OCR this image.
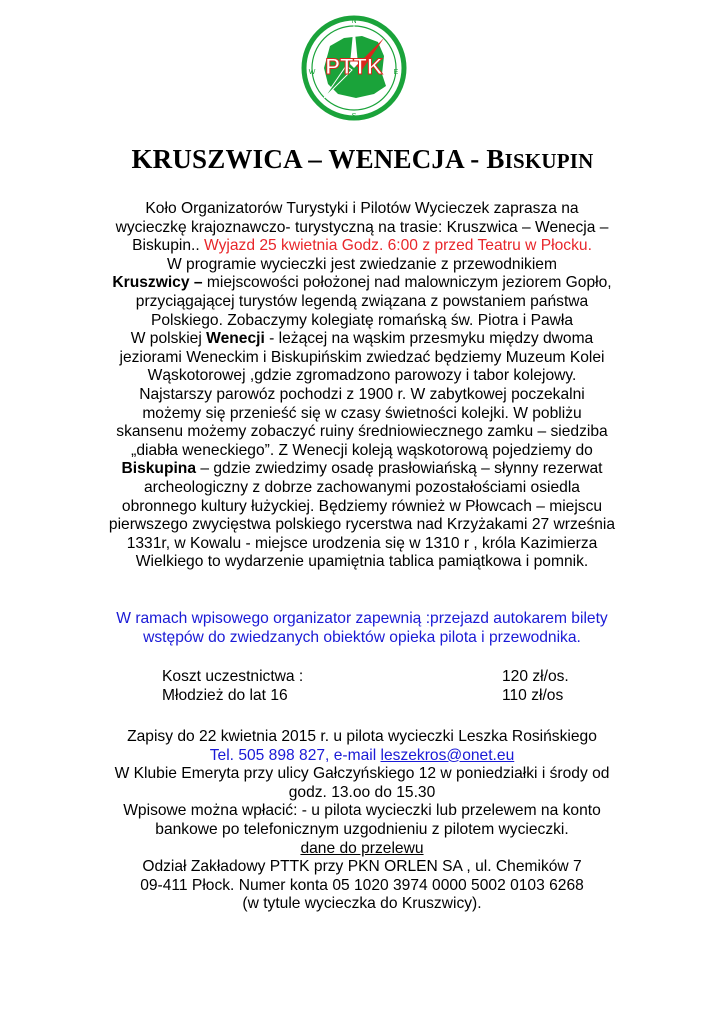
PTTK
N
E
S
W
KRUSZWICA – WENECJA - BISKUPIN
Koło Organizatorów Turystyki i Pilotów Wycieczek zaprasza na
wycieczkę krajoznawczo- turystyczną na trasie: Kruszwica – Wenecja –
Biskupin.. Wyjazd 25 kwietnia Godz. 6:00 z przed Teatru w Płocku.
W programie wycieczki jest zwiedzanie z przewodnikiem
Kruszwicy – miejscowości położonej nad malowniczym jeziorem Gopło,
przyciągającej turystów legendą związana z powstaniem państwa
Polskiego. Zobaczymy kolegiatę romańską św. Piotra i Pawła
W polskiej Wenecji - leżącej na wąskim przesmyku między dwoma
jeziorami Weneckim i Biskupińskim zwiedzać będziemy Muzeum Kolei
Wąskotorowej ,gdzie zgromadzono parowozy i tabor kolejowy.
Najstarszy parowóz pochodzi z 1900 r. W zabytkowej poczekalni
możemy się przenieść się w czasy świetności kolejki. W pobliżu
skansenu możemy zobaczyć ruiny średniowiecznego zamku – siedziba
„diabła weneckiego”. Z Wenecji koleją wąskotorową pojedziemy do
Biskupina – gdzie zwiedzimy osadę prasłowiańską – słynny rezerwat
archeologiczny z dobrze zachowanymi pozostałościami osiedla
obronnego kultury łużyckiej. Będziemy również w Płowcach – miejscu
pierwszego zwycięstwa polskiego rycerstwa nad Krzyżakami 27 września
1331r, w Kowalu - miejsce urodzenia się w 1310 r , króla Kazimierza
Wielkiego to wydarzenie upamiętnia tablica pamiątkowa i pomnik.
W ramach wpisowego organizator zapewnią :przejazd autokarem bilety
wstępów do zwiedzanych obiektów opieka pilota i przewodnika.
Koszt uczestnictwa :	120 zł/os.
Młodzież do lat 16	110 zł/os
Zapisy do 22 kwietnia 2015 r. u pilota wycieczki Leszka Rosińskiego
Tel. 505 898 827, e-mail leszekros@onet.eu
W Klubie Emeryta przy ulicy Gałczyńskiego 12 w poniedziałki i środy od
godz. 13.oo do 15.30
Wpisowe można wpłacić: - u pilota wycieczki lub przelewem na konto
bankowe po telefonicznym uzgodnieniu z pilotem wycieczki.
dane do przelewu
Odział Zakładowy PTTK przy PKN ORLEN SA , ul. Chemików 7
09-411 Płock. Numer konta 05 1020 3974 0000 5002 0103 6268
(w tytule wycieczka do Kruszwicy).
